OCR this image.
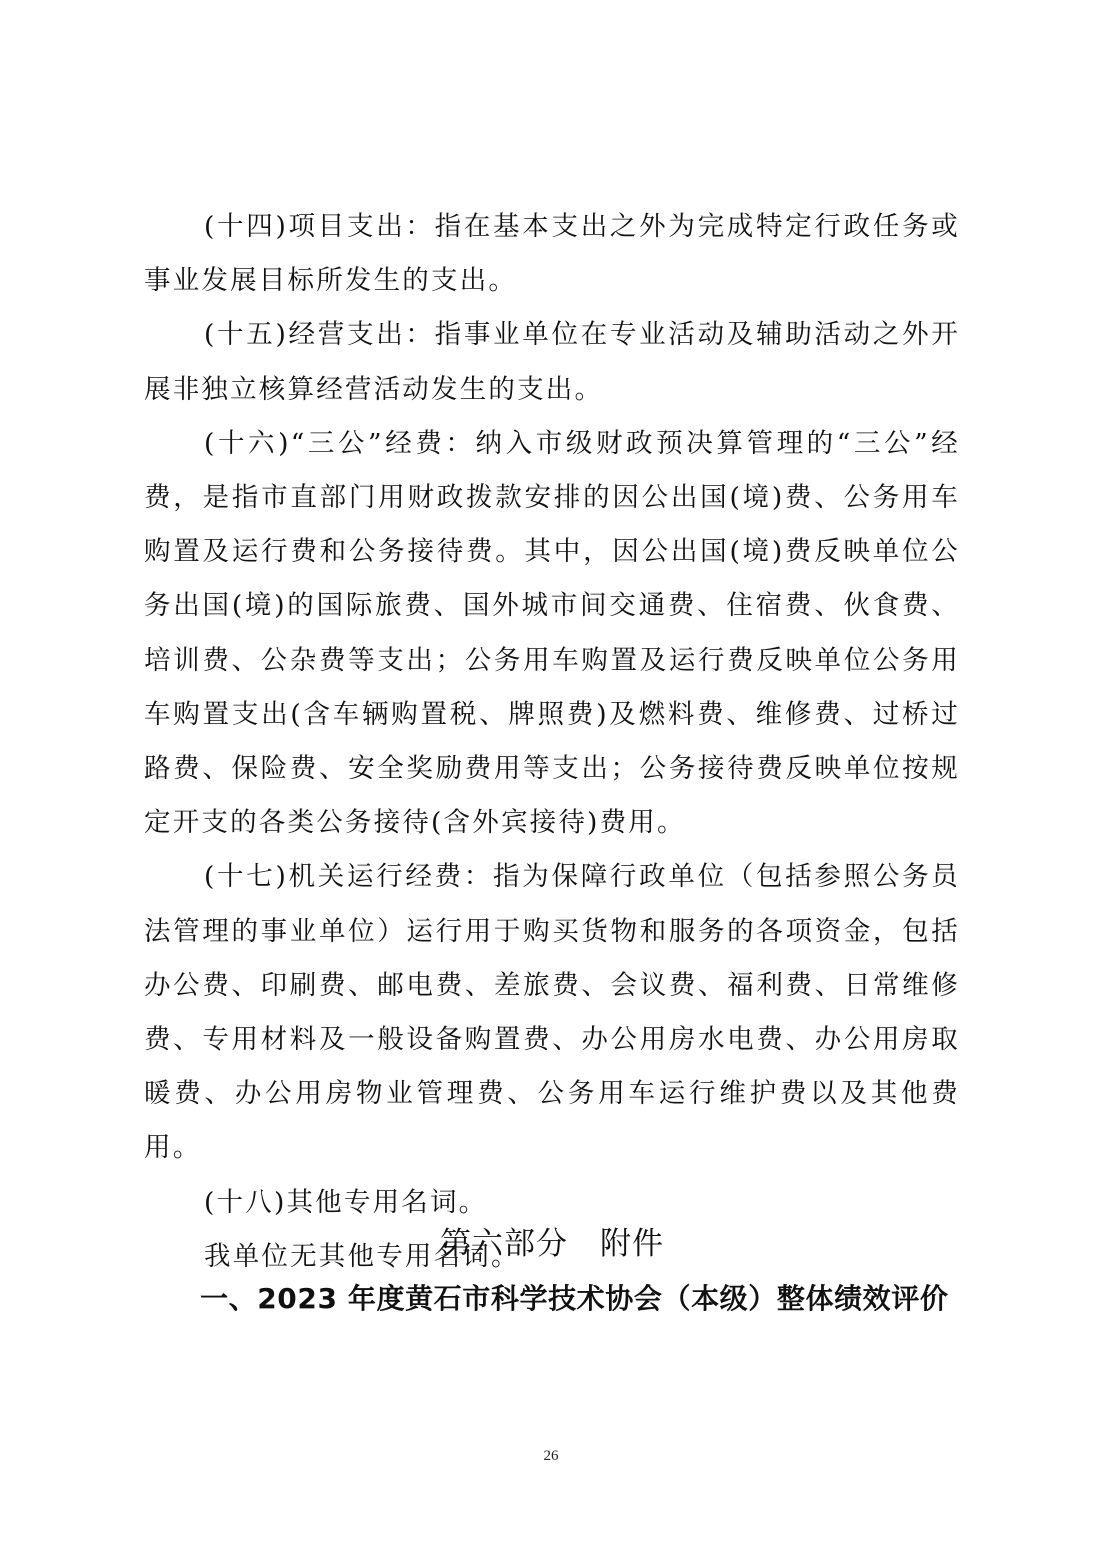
(十四)项目支出：指在基本支出之外为完成特定行政任务或事业发展目标所发生的支出。

(十五)经营支出：指事业单位在专业活动及辅助活动之外开展非独立核算经营活动发生的支出。

(十六)“三公”经费：纳入市级财政预决算管理的“三公”经费，是指市直部门用财政拨款安排的因公出国(境)费、公务用车购置及运行费和公务接待费。其中，因公出国(境)费反映单位公务出国(境)的国际旅费、国外城市间交通费、住宿费、伙食费、培训费、公杂费等支出；公务用车购置及运行费反映单位公务用车购置支出(含车辆购置税、牌照费)及燃料费、维修费、过桥过路费、保险费、安全奖励费用等支出；公务接待费反映单位按规定开支的各类公务接待(含外宾接待)费用。

(十七)机关运行经费：指为保障行政单位（包括参照公务员法管理的事业单位）运行用于购买货物和服务的各项资金，包括办公费、印刷费、邮电费、差旅费、会议费、福利费、日常维修费、专用材料及一般设备购置费、办公用房水电费、办公用房取暖费、办公用房物业管理费、公务用车运行维护费以及其他费用。

(十八)其他专用名词。

我单位无其他专用名词。

第六部分　附件
一、2023 年度黄石市科学技术协会（本级）整体绩效评价
26
